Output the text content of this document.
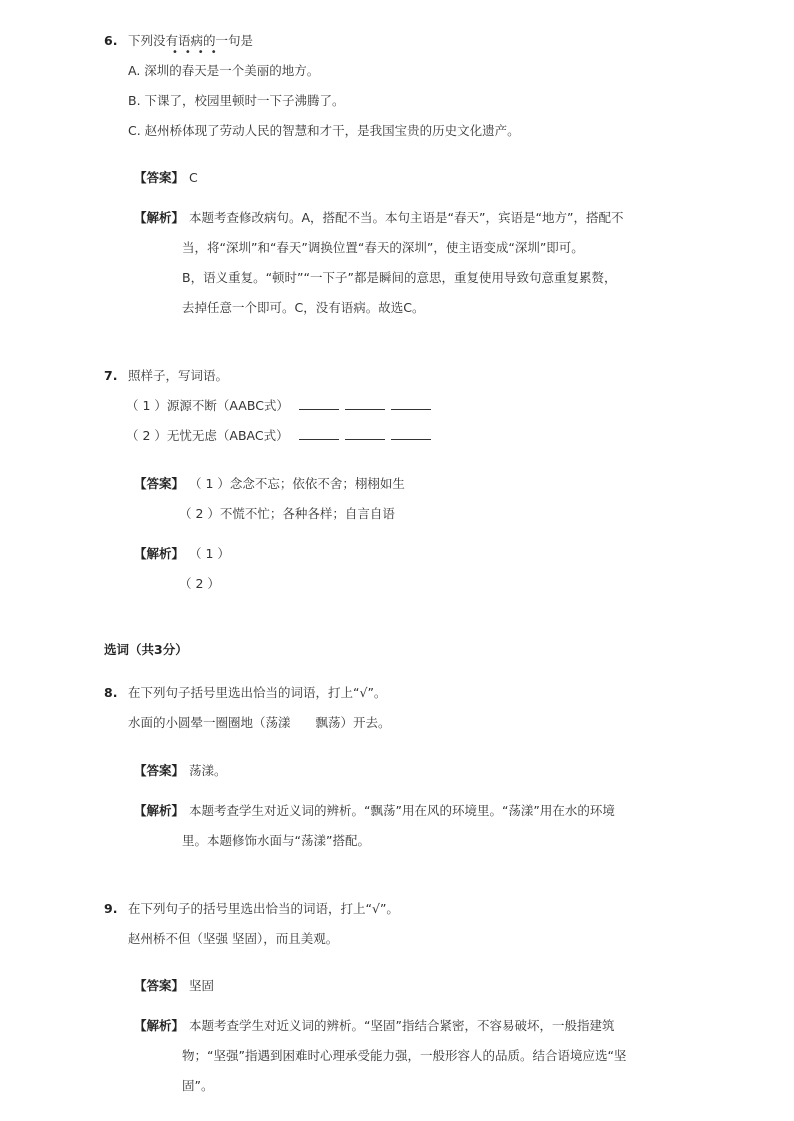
6. 下列没有语病的一句是
••••
A. 深圳的春天是一个美丽的地方。
B. 下课了，校园里顿时一下子沸腾了。
C. 赵州桥体现了劳动人民的智慧和才干，是我国宝贵的历史文化遗产。
【答案】 C
【解析】 本题考查修改病句。A，搭配不当。本句主语是“春天”，宾语是“地方”，搭配不
当，将“深圳”和“春天”调换位置“春天的深圳”，使主语变成“深圳”即可。
B，语义重复。“顿时”“一下子”都是瞬间的意思，重复使用导致句意重复累赘，
去掉任意一个即可。C，没有语病。故选C。
7. 照样子，写词语。
（ 1 ）源源不断（AABC式）
（ 2 ）无忧无虑（ABAC式）
【答案】 （ 1 ）念念不忘；依依不舍；栩栩如生
（ 2 ）不慌不忙；各种各样；自言自语
【解析】 （ 1 ）
（ 2 ）
选词（共3分）
8. 在下列句子括号里选出恰当的词语，打上“√”。
水面的小圆晕一圈圈地（荡漾　　飘荡）开去。
【答案】 荡漾。
【解析】 本题考查学生对近义词的辨析。“飘荡”用在风的环境里。“荡漾”用在水的环境
里。本题修饰水面与“荡漾”搭配。
9. 在下列句子的括号里选出恰当的词语，打上“√”。
赵州桥不但（坚强 坚固），而且美观。
【答案】 坚固
【解析】 本题考查学生对近义词的辨析。“坚固”指结合紧密，不容易破坏，一般指建筑
物；“坚强”指遇到困难时心理承受能力强，一般形容人的品质。结合语境应选“坚
固”。
